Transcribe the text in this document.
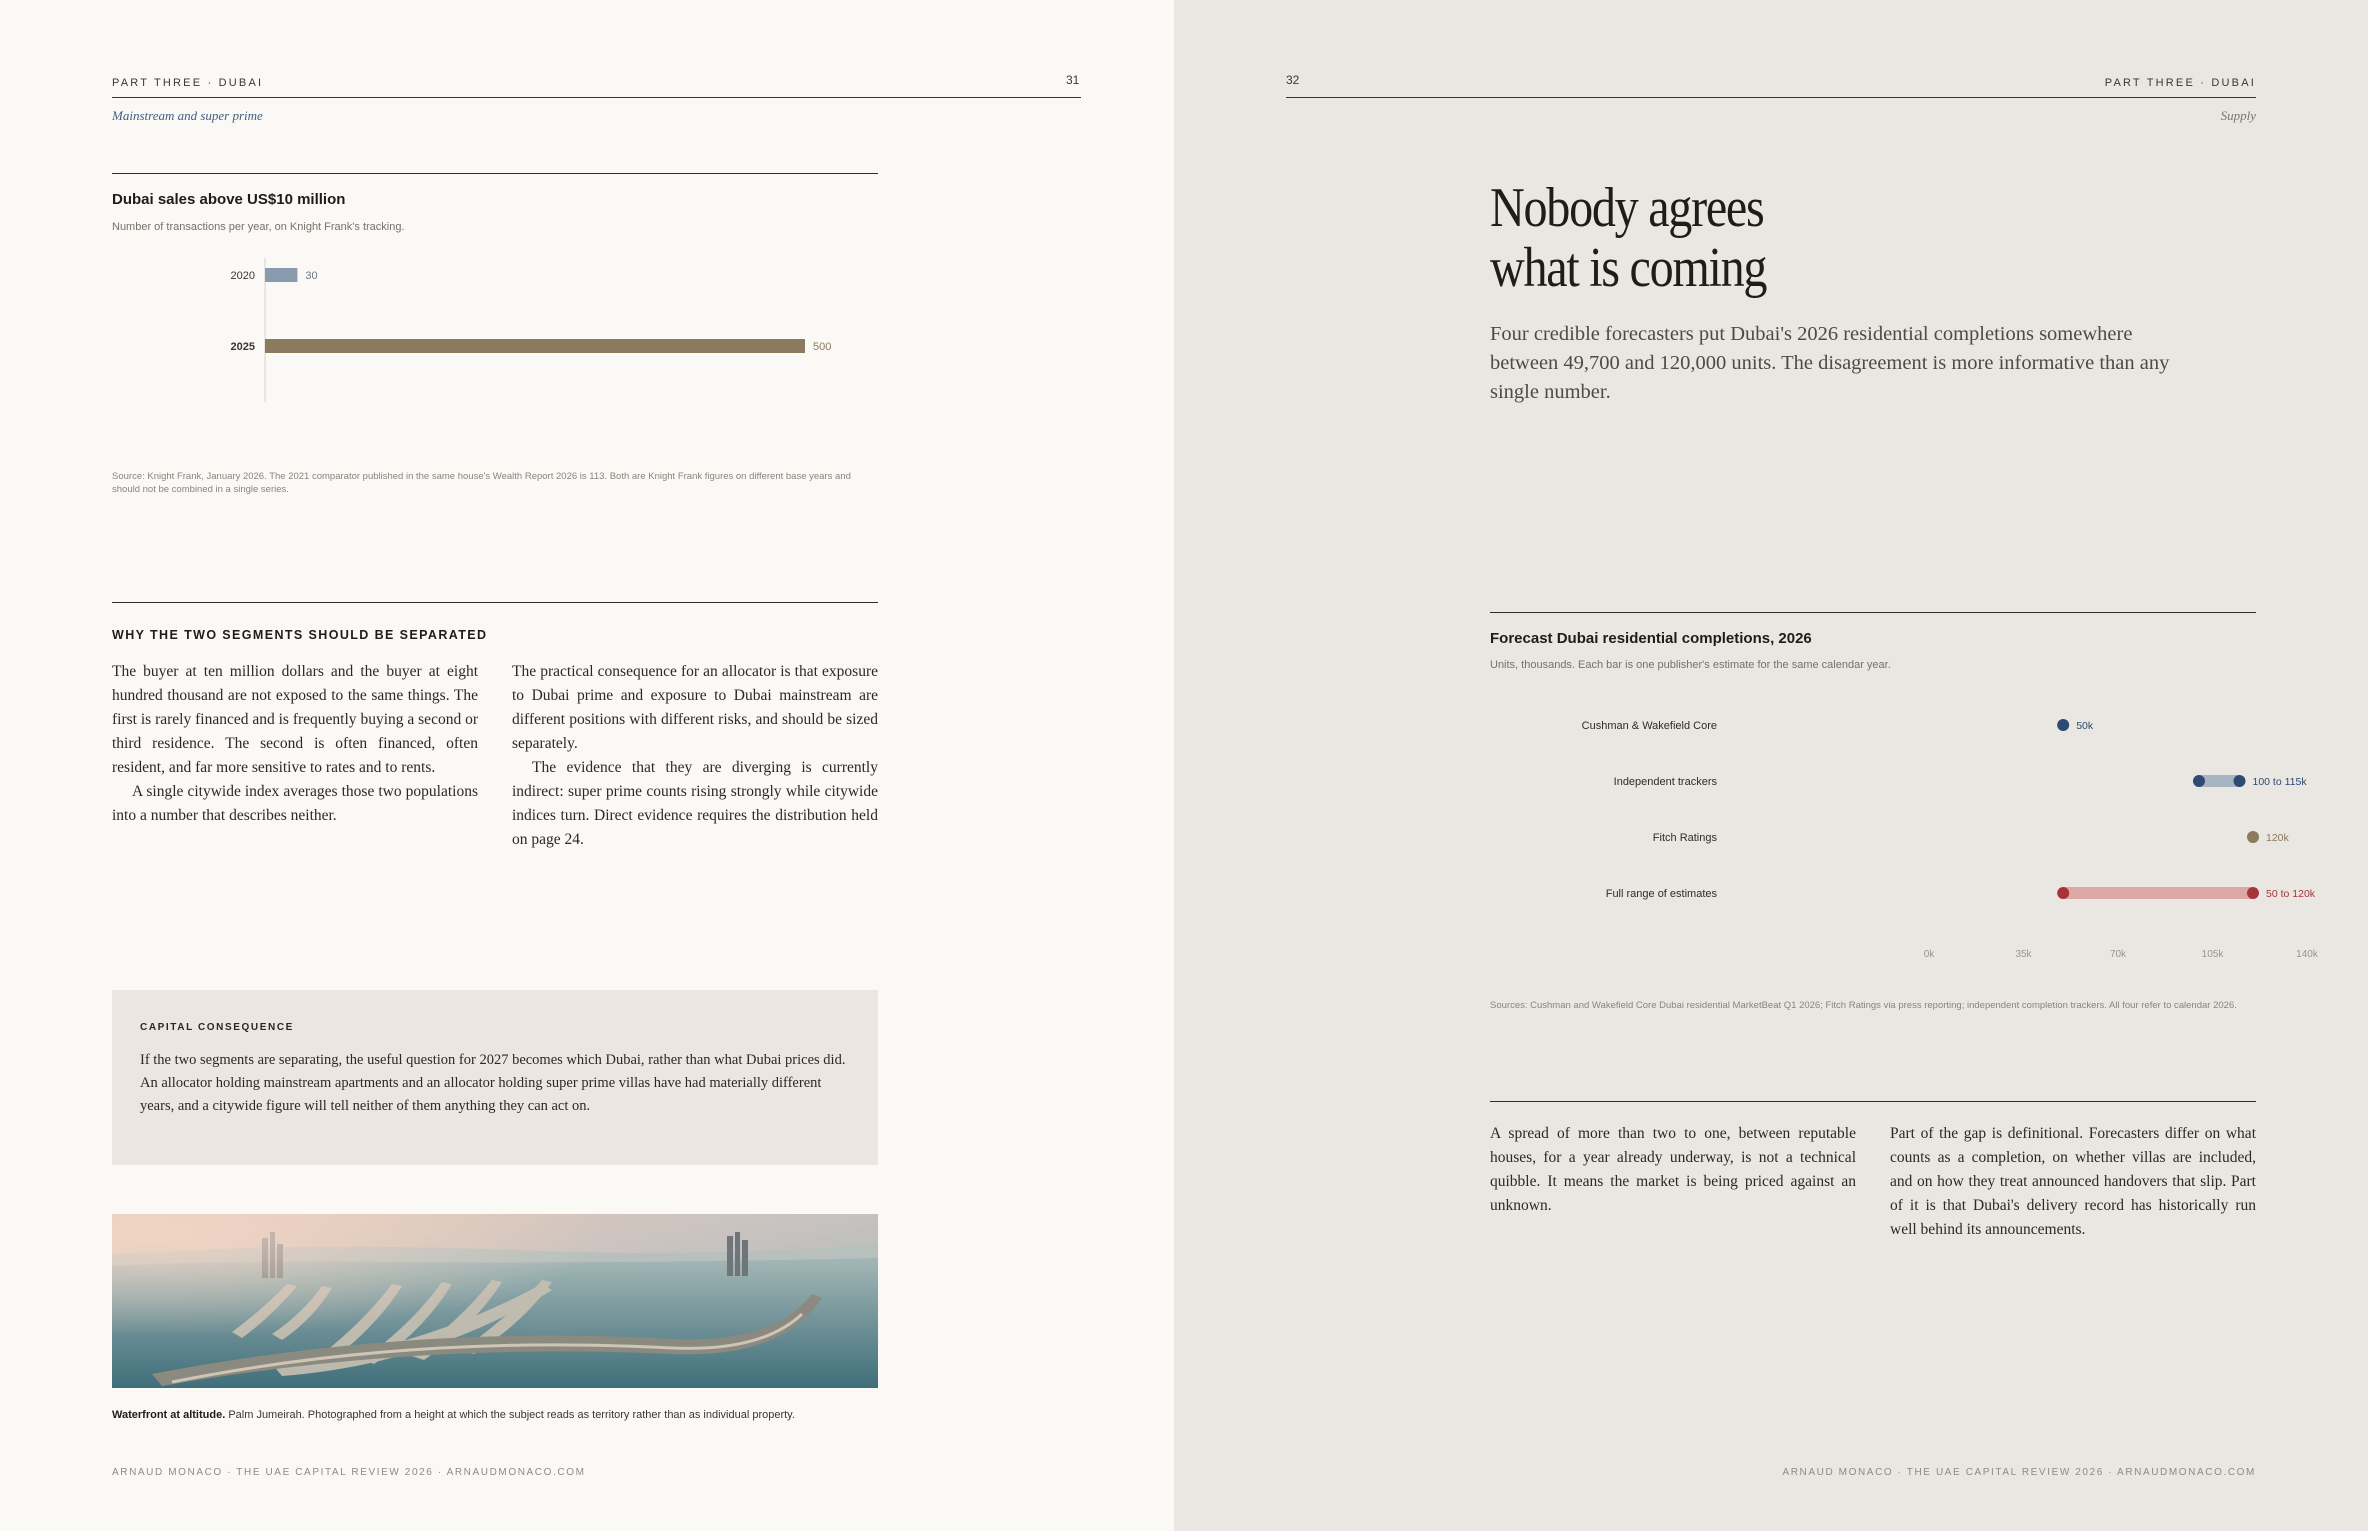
PART THREE · DUBAI	31
Mainstream and super prime
Dubai sales above US$10 million
Number of transactions per year, on Knight Frank's tracking.
2020	30
2025	500
Source: Knight Frank, January 2026. The 2021 comparator published in the same house's Wealth Report 2026 is 113. Both are Knight Frank figures on different base years and should not be combined in a single series.
WHY THE TWO SEGMENTS SHOULD BE SEPARATED

The buyer at ten million dollars and the buyer at eight hundred thousand are not exposed to the same things. The first is rarely financed and is frequently buying a second or third residence. The second is often financed, often resident, and far more sensitive to rates and to rents.

A single citywide index averages those two populations into a number that describes neither.

The practical consequence for an allocator is that exposure to Dubai prime and exposure to Dubai mainstream are different positions with different risks, and should be sized separately.

The evidence that they are diverging is currently indirect: super prime counts rising strongly while citywide indices turn. Direct evidence requires the distribution held on page 24.

CAPITAL CONSEQUENCE
If the two segments are separating, the useful question for 2027 becomes which Dubai, rather than what Dubai prices did. An allocator holding mainstream apartments and an allocator holding super prime villas have had materially different years, and a citywide figure will tell neither of them anything they can act on.
Waterfront at altitude. Palm Jumeirah. Photographed from a height at which the subject reads as territory rather than as individual property.
ARNAUD MONACO · THE UAE CAPITAL REVIEW 2026 · ARNAUDMONACO.COM
32	PART THREE · DUBAI
Supply
Nobody agrees
what is coming
Four credible forecasters put Dubai's 2026 residential completions somewhere between 49,700 and 120,000 units. The disagreement is more informative than any single number.
Forecast Dubai residential completions, 2026
Units, thousands. Each bar is one publisher's estimate for the same calendar year.
Cushman & Wakefield Core	50k
Independent trackers	100 to 115k
Fitch Ratings	120k
Full range of estimates	50 to 120k
0k	35k	70k	105k	140k
Sources: Cushman and Wakefield Core Dubai residential MarketBeat Q1 2026; Fitch Ratings via press reporting; independent completion trackers. All four refer to calendar 2026.

A spread of more than two to one, between reputable houses, for a year already underway, is not a technical quibble. It means the market is being priced against an unknown.

Part of the gap is definitional. Forecasters differ on what counts as a completion, on whether villas are included, and on how they treat announced handovers that slip. Part of it is that Dubai's delivery record has historically run well behind its announcements.

ARNAUD MONACO · THE UAE CAPITAL REVIEW 2026 · ARNAUDMONACO.COM
